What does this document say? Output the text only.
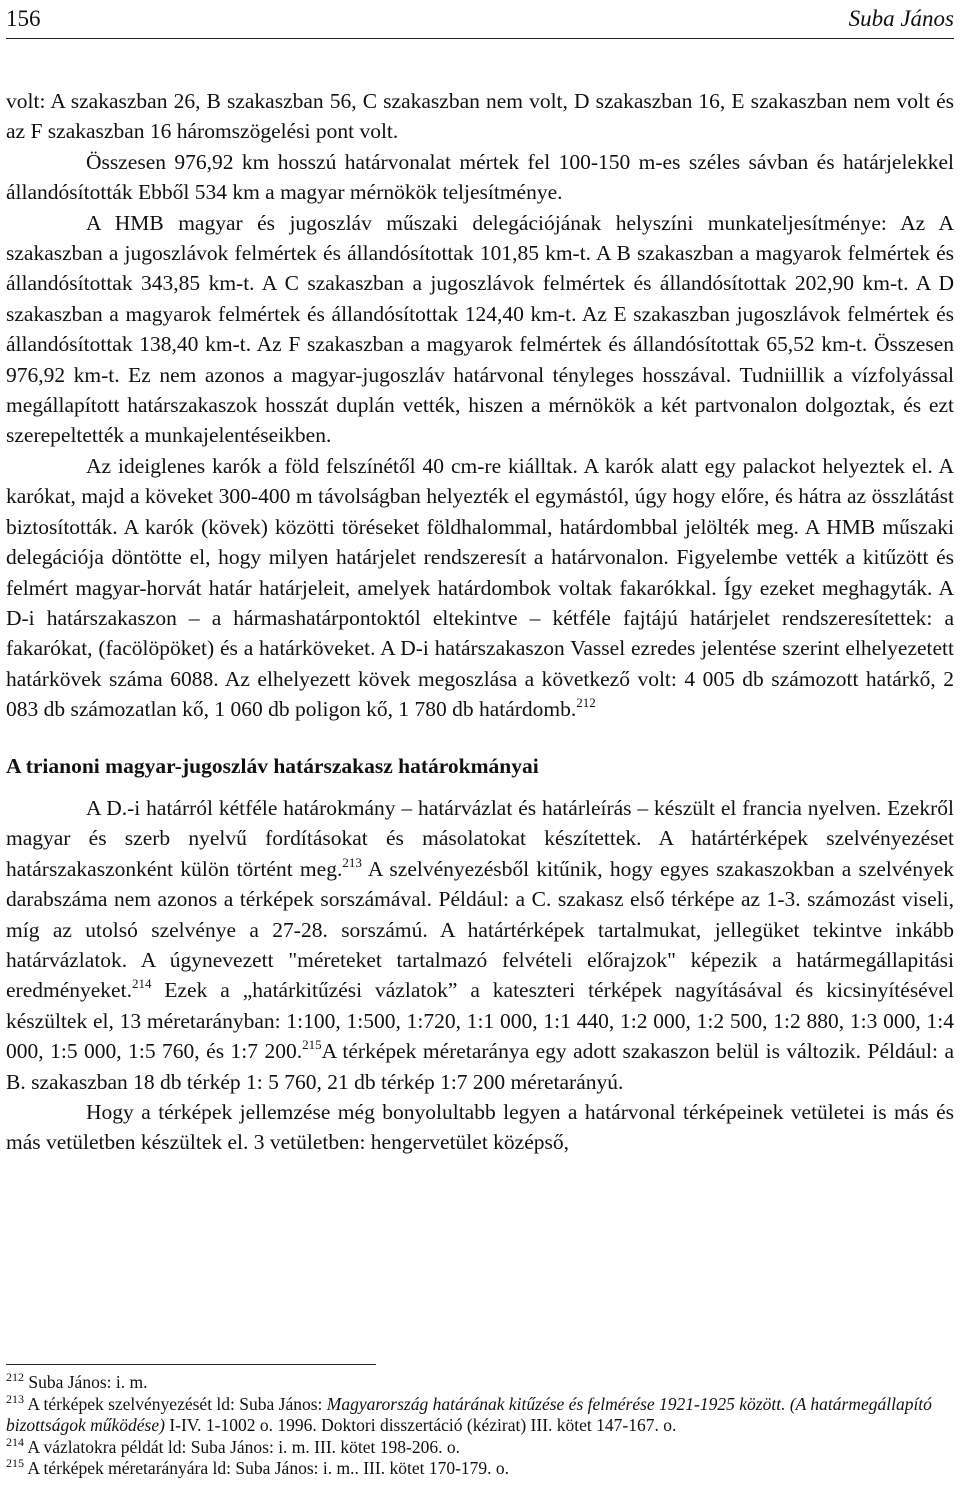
156	Suba János

volt: A szakaszban 26, B szakaszban 56, C szakaszban nem volt, D szakaszban 16, E szakaszban nem volt és az F szakaszban 16 háromszögelési pont volt.

Összesen 976,92 km hosszú határvonalat mértek fel 100-150 m-es széles sávban és határjelekkel állandósították Ebből 534 km a magyar mérnökök teljesítménye.

A HMB magyar és jugoszláv műszaki delegációjának helyszíni munkateljesítménye: Az A szakaszban a jugoszlávok felmértek és állandósítottak 101,85 km-t. A B szakaszban a magyarok felmértek és állandósítottak 343,85 km-t. A C szakaszban a jugoszlávok felmértek és állandósítottak 202,90 km-t. A D szakaszban a magyarok felmértek és állandósítottak 124,40 km-t. Az E szakaszban jugoszlávok felmértek és állandósítottak 138,40 km-t. Az F szakaszban a magyarok felmértek és állandósítottak 65,52 km-t. Összesen 976,92 km-t. Ez nem azonos a magyar-jugoszláv határvonal tényleges hosszával. Tudniillik a vízfolyással megállapított határszakaszok hosszát duplán vették, hiszen a mérnökök a két partvonalon dolgoztak, és ezt szerepeltették a munkajelentéseikben.

Az ideiglenes karók a föld felszínétől 40 cm-re kiálltak. A karók alatt egy palackot helyeztek el. A karókat, majd a köveket 300-400 m távolságban helyezték el egymástól, úgy hogy előre, és hátra az összlátást biztosították. A karók (kövek) közötti töréseket földhalommal, határdombbal jelölték meg. A HMB műszaki delegációja döntötte el, hogy milyen határjelet rendszeresít a határvonalon. Figyelembe vették a kitűzött és felmért magyar-horvát határ határjeleit, amelyek határdombok voltak fakarókkal. Így ezeket meghagyták. A D-i határszakaszon – a hármashatárpontoktól eltekintve – kétféle fajtájú határjelet rendszeresítettek: a fakarókat, (facölöpöket) és a határköveket. A D-i határszakaszon Vassel ezredes jelentése szerint elhelyezetett határkövek száma 6088. Az elhelyezett kövek megoszlása a következő volt: 4 005 db számozott határkő, 2 083 db számozatlan kő, 1 060 db poligon kő, 1 780 db határdomb.$^{212}$

A trianoni magyar-jugoszláv határszakasz határokmányai

A D.-i határról kétféle határokmány – határvázlat és határleírás – készült el francia nyelven. Ezekről magyar és szerb nyelvű fordításokat és másolatokat készítettek. A határtérképek szelvényezéset határszakaszonként külön történt meg.$^{213}$ A szelvényezésből kitűnik, hogy egyes szakaszokban a szelvények darabszáma nem azonos a térképek sorszámával. Például: a C. szakasz első térképe az 1-3. számozást viseli, míg az utolsó szelvénye a 27-28. sorszámú. A határtérképek tartalmukat, jellegüket tekintve inkább határvázlatok. A úgynevezett "méreteket tartalmazó felvételi előrajzok" képezik a határmegállapitási eredményeket.$^{214}$ Ezek a „határkitűzési vázlatok” a kateszteri térképek nagyításával és kicsinyítésével készültek el, 13 méretarányban: 1:100, 1:500, 1:720, 1:1 000, 1:1 440, 1:2 000, 1:2 500, 1:2 880, 1:3 000, 1:4 000, 1:5 000, 1:5 760, és 1:7 200.$^{215}$A térképek méretaránya egy adott szakaszon belül is változik. Például: a B. szakaszban 18 db térkép 1: 5 760, 21 db térkép 1:7 200 méretarányú.

Hogy a térképek jellemzése még bonyolultabb legyen a határvonal térképeinek vetületei is más és más vetületben készültek el. 3 vetületben: hengervetület középső,

$^{212}$ Suba János: i. m.

$^{213}$ A térképek szelvényezését ld: Suba János: Magyarország határának kitűzése és felmérése 1921-1925 között. (A határmegállapító bizottságok működése) I-IV. 1-1002 o. 1996. Doktori disszertáció (kézirat) III. kötet 147-167. o.

$^{214}$ A vázlatokra példát ld: Suba János: i. m. III. kötet 198-206. o.

$^{215}$ A térképek méretarányára ld: Suba János: i. m.. III. kötet 170-179. o.
